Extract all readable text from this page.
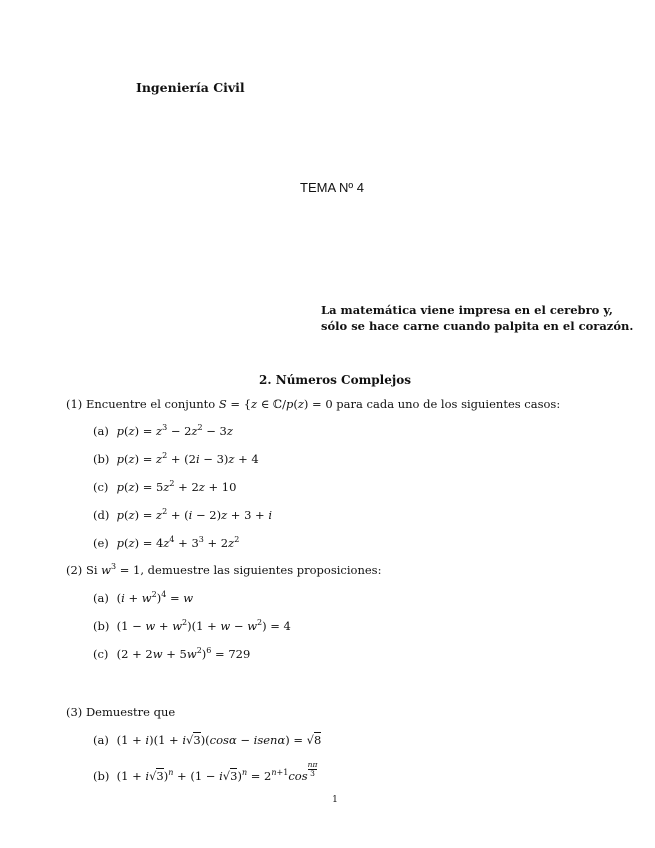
Ingeniería Civil
TEMA Nº 4
La matemática viene impresa en el cerebro y,
sólo se hace carne cuando palpita en el corazón.
2. Números Complejos
(1) Encuentre el conjunto S = {z ∈ ℂ/p(z) = 0 para cada uno de los siguientes casos:
(a) $p(z) = z^3 - 2z^2 - 3z$
(b) $p(z) = z^2 + (2i - 3)z + 4$
(c) $p(z) = 5z^2 + 2z + 10$
(d) $p(z) = z^2 + (i - 2)z + 3 + i$
(e) $p(z) = 4z^4 + 3^3 + 2z^2$
(2) Si $w^3 = 1$, demuestre las siguientes proposiciones:
(a) $(i + w^2)^4 = w$
(b) $(1 - w + w^2)(1 + w - w^2) = 4$
(c) $(2 + 2w + 5w^2)^6 = 729$
(3) Demuestre que
(a) (1 + i)(1 + i√3)(cosα − isenα) = √8
(b) $(1 + i√3)^n + (1 - i√3)^n = 2^{n+1}\cos \frac{n\pi}{3}$
1
